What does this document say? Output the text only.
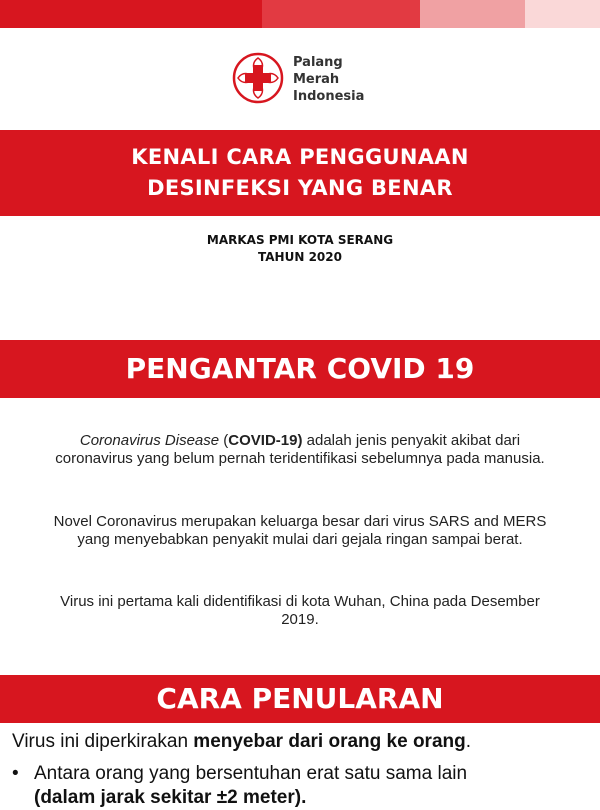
Palang
Merah
Indonesia
KENALI CARA PENGGUNAAN
DESINFEKSI YANG BENAR
MARKAS PMI KOTA SERANG
TAHUN 2020
PENGANTAR COVID 19
Coronavirus Disease (COVID-19) adalah jenis penyakit akibat dari coronavirus yang belum pernah teridentifikasi sebelumnya pada manusia.
Novel Coronavirus merupakan keluarga besar dari virus SARS and MERS yang menyebabkan penyakit mulai dari gejala ringan sampai berat.
Virus ini pertama kali didentifikasi di kota Wuhan, China pada Desember 2019.
CARA PENULARAN
Virus ini diperkirakan menyebar dari orang ke orang.
• Antara orang yang bersentuhan erat satu sama lain
(dalam jarak sekitar ±2 meter).
